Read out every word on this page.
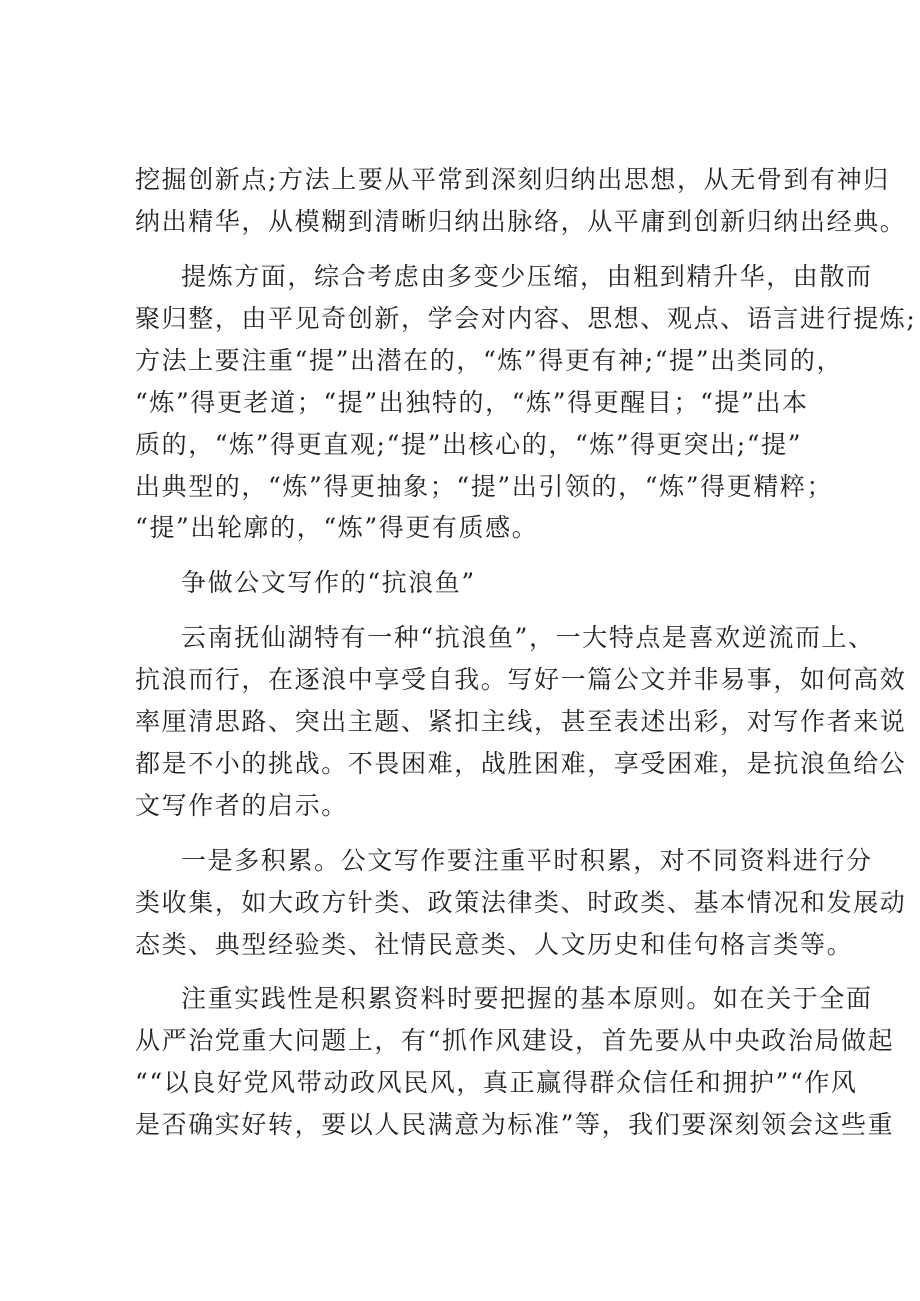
挖掘创新点;方法上要从平常到深刻归纳出思想，从无骨到有神归
纳出精华，从模糊到清晰归纳出脉络，从平庸到创新归纳出经典。
提炼方面，综合考虑由多变少压缩，由粗到精升华，由散而
聚归整，由平见奇创新，学会对内容、思想、观点、语言进行提炼;
方法上要注重“提”出潜在的，“炼”得更有神;“提”出类同的，
“炼”得更老道；“提”出独特的，“炼”得更醒目；“提”出本
质的，“炼”得更直观;“提”出核心的，“炼”得更突出;“提”
出典型的，“炼”得更抽象；“提”出引领的，“炼”得更精粹；
“提”出轮廓的，“炼”得更有质感。
争做公文写作的“抗浪鱼”
云南抚仙湖特有一种“抗浪鱼”，一大特点是喜欢逆流而上、
抗浪而行，在逐浪中享受自我。写好一篇公文并非易事，如何高效
率厘清思路、突出主题、紧扣主线，甚至表述出彩，对写作者来说
都是不小的挑战。不畏困难，战胜困难，享受困难，是抗浪鱼给公
文写作者的启示。
一是多积累。公文写作要注重平时积累，对不同资料进行分
类收集，如大政方针类、政策法律类、时政类、基本情况和发展动
态类、典型经验类、社情民意类、人文历史和佳句格言类等。
注重实践性是积累资料时要把握的基本原则。如在关于全面
从严治党重大问题上，有“抓作风建设，首先要从中央政治局做起
““以良好党风带动政风民风，真正赢得群众信任和拥护”“作风
是否确实好转，要以人民满意为标准”等，我们要深刻领会这些重
